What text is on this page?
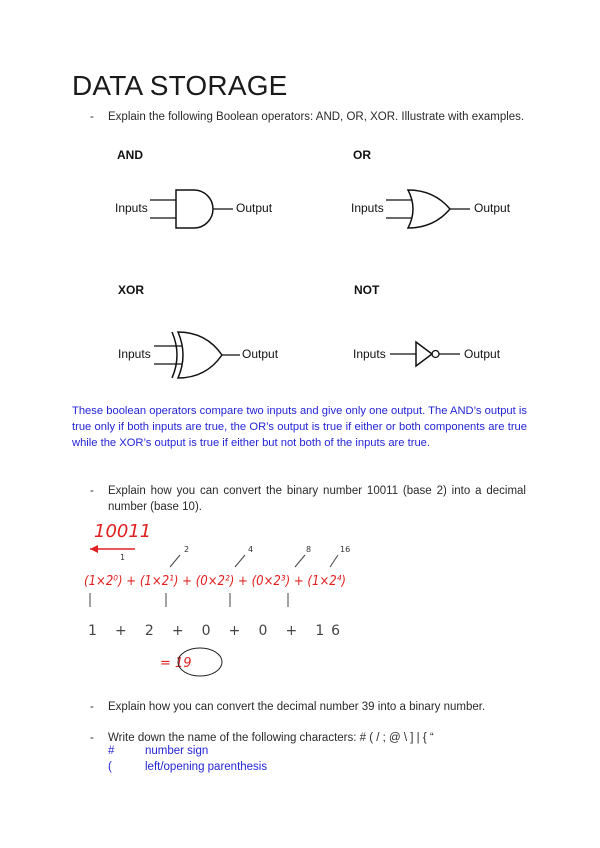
DATA STORAGE
- Explain the following Boolean operators: AND, OR, XOR. Illustrate with examples.
AND
Inputs	Output
OR
Inputs	Output
XOR
Inputs	Output
NOT
Inputs	Output
These boolean operators compare two inputs and give only one output. The AND’s output is true only if both inputs are true, the OR’s output is true if either or both components are true while the XOR’s output is true if either but not both of the inputs are true.
- Explain how you can convert the binary number 10011 (base 2) into a decimal number (base 10).
10011
(1×2⁰) + (1×2¹) + (0×2²) + (0×2³) + (1×2⁴)
= 19
1
2	4	8	16
1 + 2 + 0 + 0 + 16
- Explain how you can convert the decimal number 39 into a binary number.
- Write down the name of the following characters: # ( / ; @ \ ] | { “
#	number sign
(	left/opening parenthesis
